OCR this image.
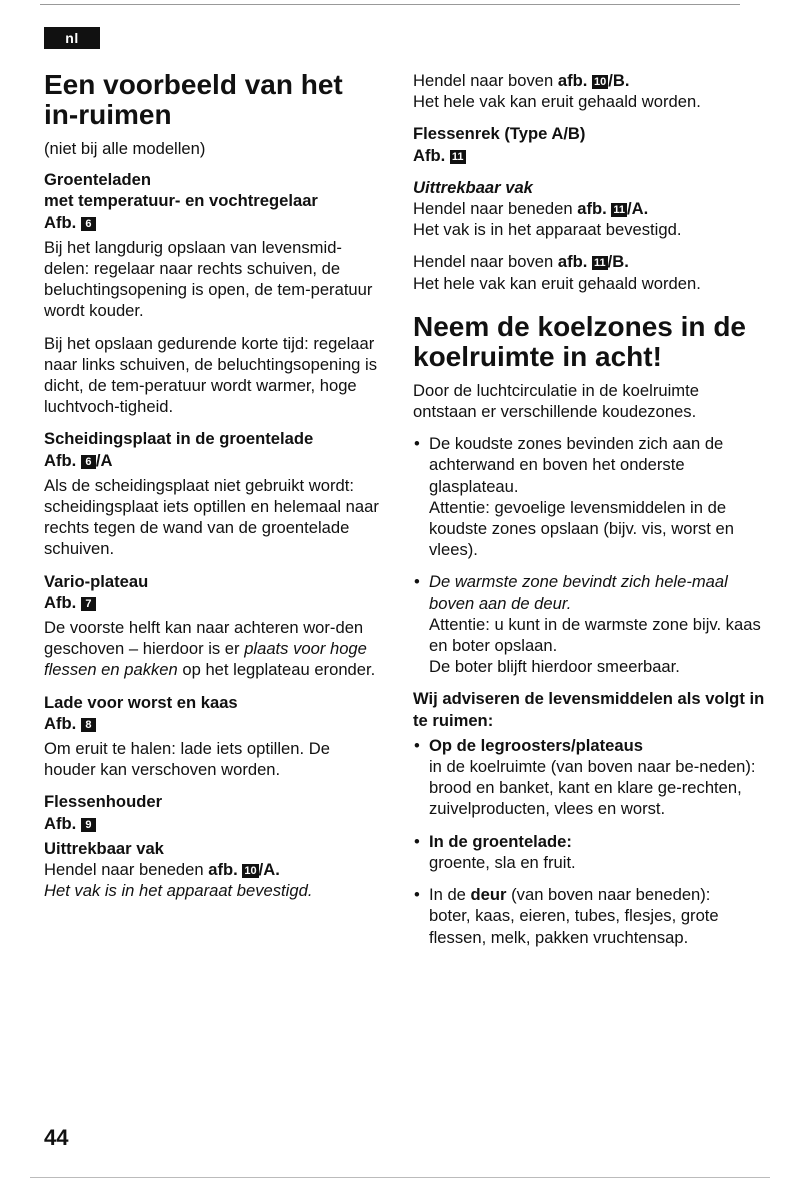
nl
Een voorbeeld van het in-ruimen
(niet bij alle modellen)
Groenteladen
met temperatuur- en vochtregelaar
Afb. 6

Bij het langdurig opslaan van levensmid-delen: regelaar naar rechts schuiven, de beluchtingsopening is open, de tem-peratuur wordt kouder.

Bij het opslaan gedurende korte tijd: regelaar naar links schuiven, de beluchtingsopening is dicht, de tem-peratuur wordt warmer, hoge luchtvoch-tigheid.

Scheidingsplaat in de groentelade
Afb. 6 /A

Als de scheidingsplaat niet gebruikt wordt: scheidingsplaat iets optillen en helemaal naar rechts tegen de wand van de groentelade schuiven.

Vario-plateau
Afb. 7

De voorste helft kan naar achteren wor-den geschoven – hierdoor is er plaats voor hoge flessen en pakken op het legplateau eronder.

Lade voor worst en kaas
Afb. 8

Om eruit te halen: lade iets optillen. De houder kan verschoven worden.

Flessenhouder
Afb. 9
Uittrekbaar vak
Hendel naar beneden afb. 10 /A.
Het vak is in het apparaat bevestigd.
Hendel naar boven afb. 10 /B.
Het hele vak kan eruit gehaald worden.
Flessenrek (Type A/B)
Afb. 11
Uittrekbaar vak
Hendel naar beneden afb. 11 /A.
Het vak is in het apparaat bevestigd.
Hendel naar boven afb. 11 /B.
Het hele vak kan eruit gehaald worden.
Neem de koelzones in de koelruimte in acht!

Door de luchtcirculatie in de koelruimte ontstaan er verschillende koudezones.

• De koudste zones bevinden zich aan de achterwand en boven het onderste glasplateau.
Attentie: gevoelige levensmiddelen in de koudste zones opslaan (bijv. vis, worst en vlees).
• De warmste zone bevindt zich hele-maal boven aan de deur.
Attentie: u kunt in de warmste zone bijv. kaas en boter opslaan.
De boter blijft hierdoor smeerbaar.
Wij adviseren de levensmiddelen als volgt in te ruimen:
• Op de legroosters/plateaus
in de koelruimte (van boven naar be-neden):
brood en banket, kant en klare ge-rechten, zuivelproducten, vlees en worst.
• In de groentelade:
groente, sla en fruit.
• In de deur (van boven naar beneden):
boter, kaas, eieren, tubes, flesjes, grote flessen, melk, pakken vruchtensap.
44
